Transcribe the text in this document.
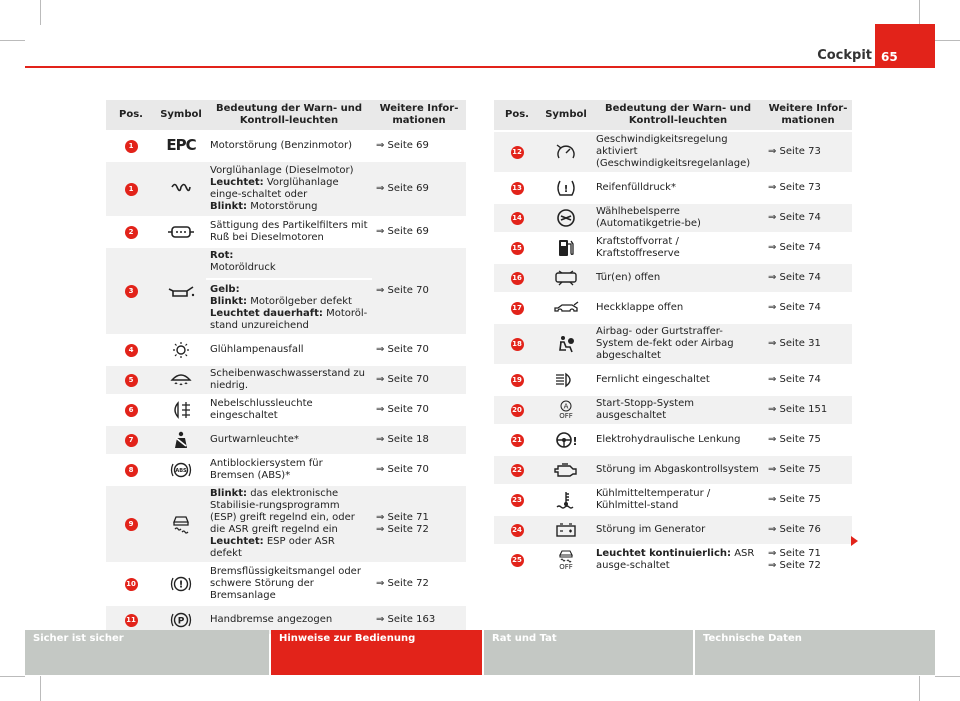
Cockpit 65
Pos.	Symbol	Bedeutung der Warn- und Kontroll-leuchten	Weitere Infor-mationen
1	EPC	Motorstörung (Benzinmotor)	⇒ Seite 69
1		Vorglühanlage (Dieselmotor)
Leuchtet: Vorglühanlage einge-schaltet oder
Blinkt: Motorstörung	⇒ Seite 69
2		Sättigung des Partikelfilters mit Ruß bei Dieselmotoren	⇒ Seite 69
3		Rot:
Motoröldruck
Gelb:
Blinkt: Motorölgeber defekt
Leuchtet dauerhaft: Motoröl-stand unzureichend	⇒ Seite 70
4		Glühlampenausfall	⇒ Seite 70
5		Scheibenwaschwasserstand zu niedrig.	⇒ Seite 70
6		Nebelschlussleuchte eingeschaltet	⇒ Seite 70
7		Gurtwarnleuchte*	⇒ Seite 18
8	ABS	Antiblockiersystem für Bremsen (ABS)*	⇒ Seite 70
9		Blinkt: das elektronische Stabilisie-rungsprogramm (ESP) greift regelnd ein, oder die ASR greift regelnd ein
Leuchtet: ESP oder ASR defekt	⇒ Seite 71
⇒ Seite 72
10	!	Bremsflüssigkeitsmangel oder schwere Störung der Bremsanlage	⇒ Seite 72
11	P	Handbremse angezogen	⇒ Seite 163
Pos.	Symbol	Bedeutung der Warn- und Kontroll-leuchten	Weitere Infor-mationen
12		Geschwindigkeitsregelung aktiviert (Geschwindigkeitsregelanlage)	⇒ Seite 73
13	!	Reifenfülldruck*	⇒ Seite 73
14		Wählhebelsperre (Automatikgetrie-be)	⇒ Seite 74
15		Kraftstoffvorrat / Kraftstoffreserve	⇒ Seite 74
16		Tür(en) offen	⇒ Seite 74
17		Heckklappe offen	⇒ Seite 74
18		Airbag- oder Gurtstraffer-System de-fekt oder Airbag abgeschaltet	⇒ Seite 31
19		Fernlicht eingeschaltet	⇒ Seite 74
20	A
OFF	Start-Stopp-System ausgeschaltet	⇒ Seite 151
21	!	Elektrohydraulische Lenkung	⇒ Seite 75
22		Störung im Abgaskontrollsystem	⇒ Seite 75
23		Kühlmitteltemperatur / Kühlmittel-stand	⇒ Seite 75
24		Störung im Generator	⇒ Seite 76
25	OFF	Leuchtet kontinuierlich: ASR ausge-schaltet	⇒ Seite 71
⇒ Seite 72
Sicher ist sicher	Hinweise zur Bedienung	Rat und Tat	Technische Daten
